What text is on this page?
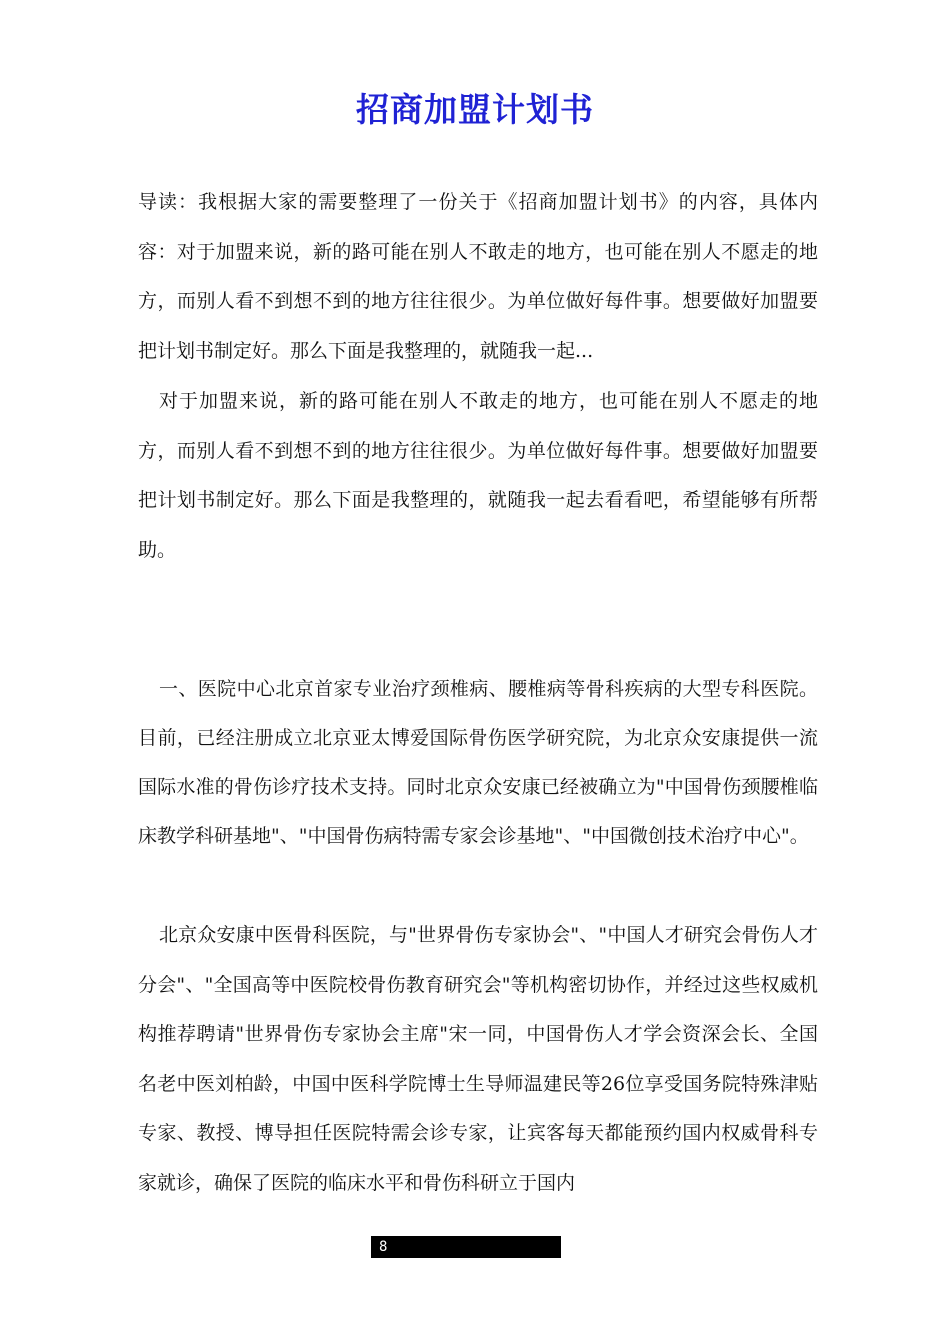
招商加盟计划书

导读：我根据大家的需要整理了一份关于《招商加盟计划书》的内容，具体内容：对于加盟来说，新的路可能在别人不敢走的地方，也可能在别人不愿走的地方，而别人看不到想不到的地方往往很少。为单位做好每件事。想要做好加盟要把计划书制定好。那么下面是我整理的，就随我一起...

对于加盟来说，新的路可能在别人不敢走的地方，也可能在别人不愿走的地方，而别人看不到想不到的地方往往很少。为单位做好每件事。想要做好加盟要把计划书制定好。那么下面是我整理的，就随我一起去看看吧，希望能够有所帮助。

一、医院中心北京首家专业治疗颈椎病、腰椎病等骨科疾病的大型专科医院。目前，已经注册成立北京亚太博爱国际骨伤医学研究院，为北京众安康提供一流国际水准的骨伤诊疗技术支持。同时北京众安康已经被确立为"中国骨伤颈腰椎临床教学科研基地"、"中国骨伤病特需专家会诊基地"、"中国微创技术治疗中心"。

北京众安康中医骨科医院，与"世界骨伤专家协会"、"中国人才研究会骨伤人才分会"、"全国高等中医院校骨伤教育研究会"等机构密切协作，并经过这些权威机构推荐聘请"世界骨伤专家协会主席"宋一同，中国骨伤人才学会资深会长、全国名老中医刘柏龄，中国中医科学院博士生导师温建民等26位享受国务院特殊津贴专家、教授、博导担任医院特需会诊专家，让宾客每天都能预约国内权威骨科专家就诊，确保了医院的临床水平和骨伤科研立于国内

8
